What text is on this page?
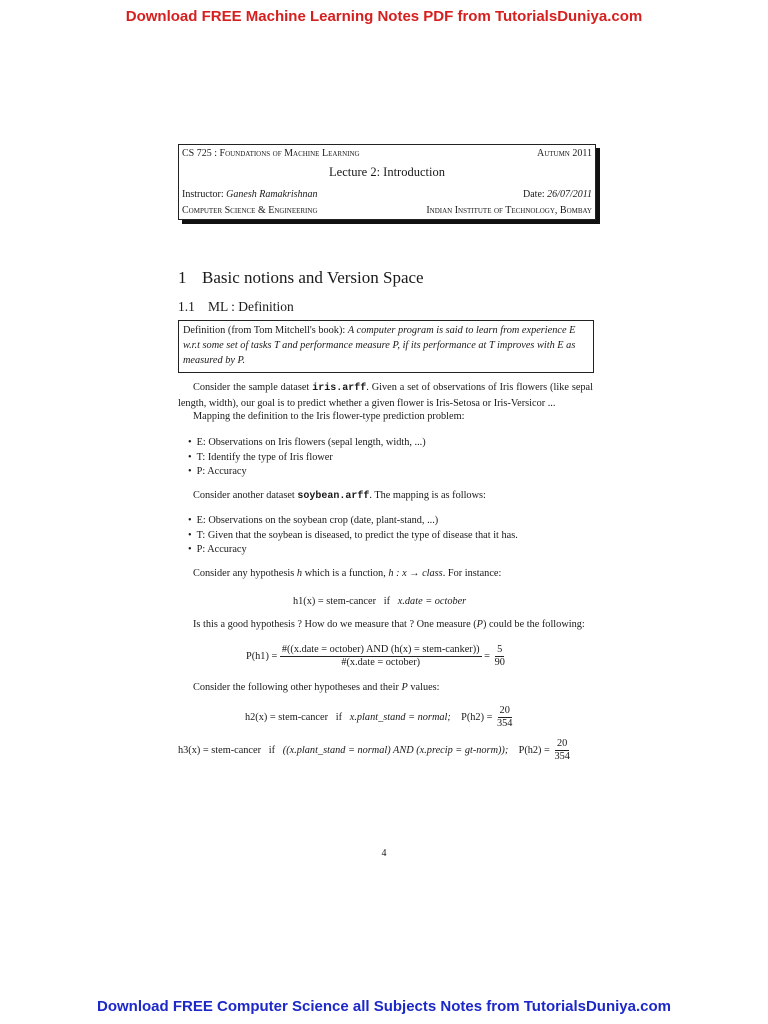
Download FREE Machine Learning Notes PDF from TutorialsDuniya.com
CS 725 : Foundations of Machine Learning	Autumn 2011
Lecture 2: Introduction
Instructor: Ganesh Ramakrishnan	Date: 26/07/2011
Computer Science & Engineering	Indian Institute of Technology, Bombay
1 Basic notions and Version Space
1.1 ML : Definition
Definition (from Tom Mitchell's book): A computer program is said to learn from experience E w.r.t some set of tasks T and performance measure P, if its performance at T improves with E as measured by P.
Consider the sample dataset iris.arff. Given a set of observations of Iris flowers (like sepal length, width), our goal is to predict whether a given flower is Iris-Setosa or Iris-Versicor ...
Mapping the definition to the Iris flower-type prediction problem:
• E: Observations on Iris flowers (sepal length, width, ...)
• T: Identify the type of Iris flower
• P: Accuracy
Consider another dataset soybean.arff. The mapping is as follows:
• E: Observations on the soybean crop (date, plant-stand, ...)
• T: Given that the soybean is diseased, to predict the type of disease that it has.
• P: Accuracy
Consider any hypothesis h which is a function, h : x → class. For instance:
h1(x) = stem-cancer if x.date = october
Is this a good hypothesis ? How do we measure that ? One measure (P) could be the following:
$P(h1) = \frac{\text{\#((x.date = october) AND (h(x) = stem-canker))}}{\text{\#(x.date = october)}} = \frac{5}{90}$
Consider the following other hypotheses and their P values:
h2(x) = stem-cancer if x.plant_stand = normal; $P(h2) = \frac{20}{354}$
h3(x) = stem-cancer if ((x.plant_stand = normal) AND (x.precip = gt-norm)); $P(h2) = \frac{20}{354}$
4
Download FREE Computer Science all Subjects Notes from TutorialsDuniya.com
